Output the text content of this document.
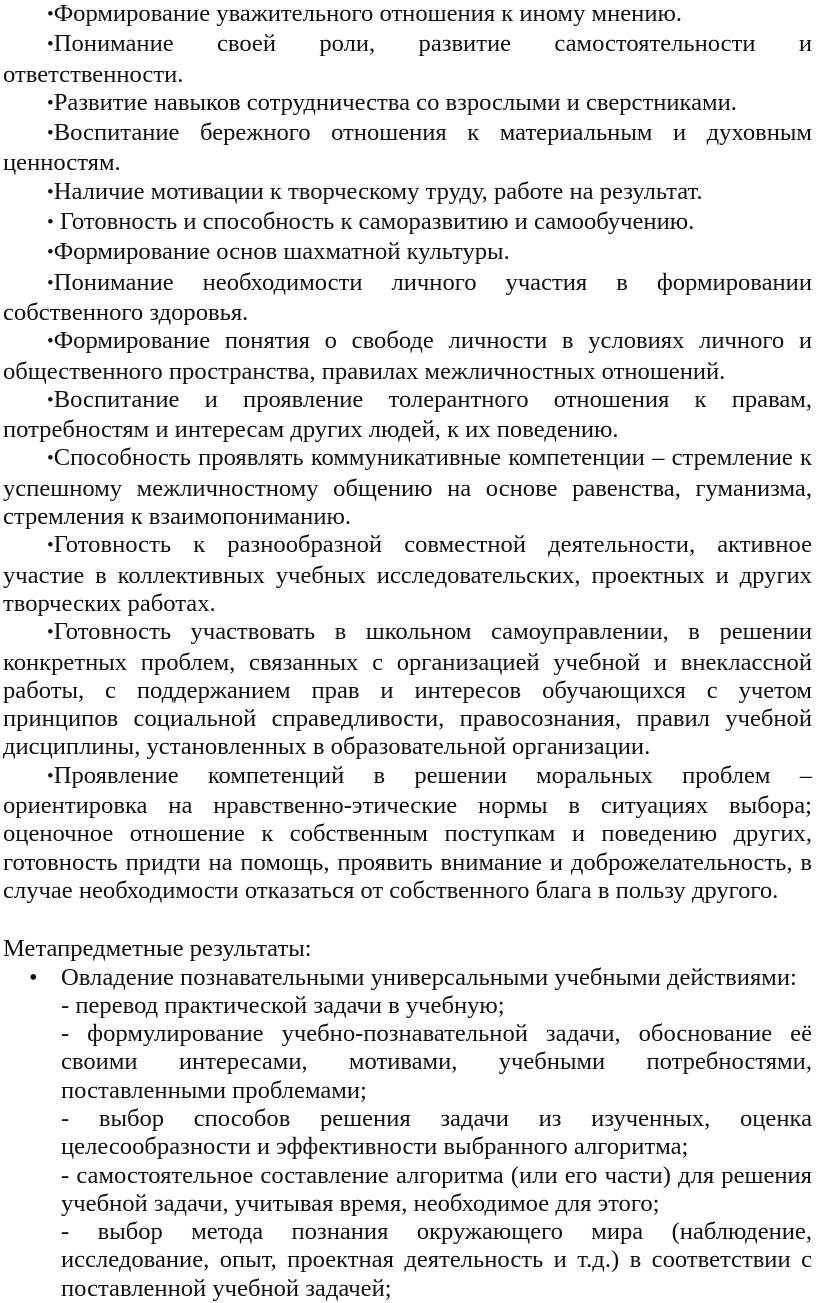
•Формирование уважительного отношения к иному мнению.

•Понимание своей роли, развитие самостоятельности и ответственности.

•Развитие навыков сотрудничества со взрослыми и сверстниками.

•Воспитание бережного отношения к материальным и духовным ценностям.

•Наличие мотивации к творческому труду, работе на результат.

• Готовность и способность к саморазвитию и самообучению.

•Формирование основ шахматной культуры.

•Понимание необходимости личного участия в формировании собственного здоровья.

•Формирование понятия о свободе личности в условиях личного и общественного пространства, правилах межличностных отношений.

•Воспитание и проявление толерантного отношения к правам, потребностям и интересам других людей, к их поведению.

•Способность проявлять коммуникативные компетенции – стремление к успешному межличностному общению на основе равенства, гуманизма, стремления к взаимопониманию.

•Готовность к разнообразной совместной деятельности, активное участие в коллективных учебных исследовательских, проектных и других творческих работах.

•Готовность участвовать в школьном самоуправлении, в решении конкретных проблем, связанных с организацией учебной и внеклассной работы, с поддержанием прав и интересов обучающихся с учетом принципов социальной справедливости, правосознания, правил учебной дисциплины, установленных в образовательной организации.

•Проявление компетенций в решении моральных проблем – ориентировка на нравственно-этические нормы в ситуациях выбора; оценочное отношение к собственным поступкам и поведению других, готовность придти на помощь, проявить внимание и доброжелательность, в случае необходимости отказаться от собственного блага в пользу другого.

Метапредметные результаты:

• Овладение познавательными универсальными учебными действиями:

- перевод практической задачи в учебную;

- формулирование учебно-познавательной задачи, обоснование её своими интересами, мотивами, учебными потребностями, поставленными проблемами;

- выбор способов решения задачи из изученных, оценка целесообразности и эффективности выбранного алгоритма;

- самостоятельное составление алгоритма (или его части) для решения учебной задачи, учитывая время, необходимое для этого;

- выбор метода познания окружающего мира (наблюдение, исследование, опыт, проектная деятельность и т.д.) в соответствии с поставленной учебной задачей;
